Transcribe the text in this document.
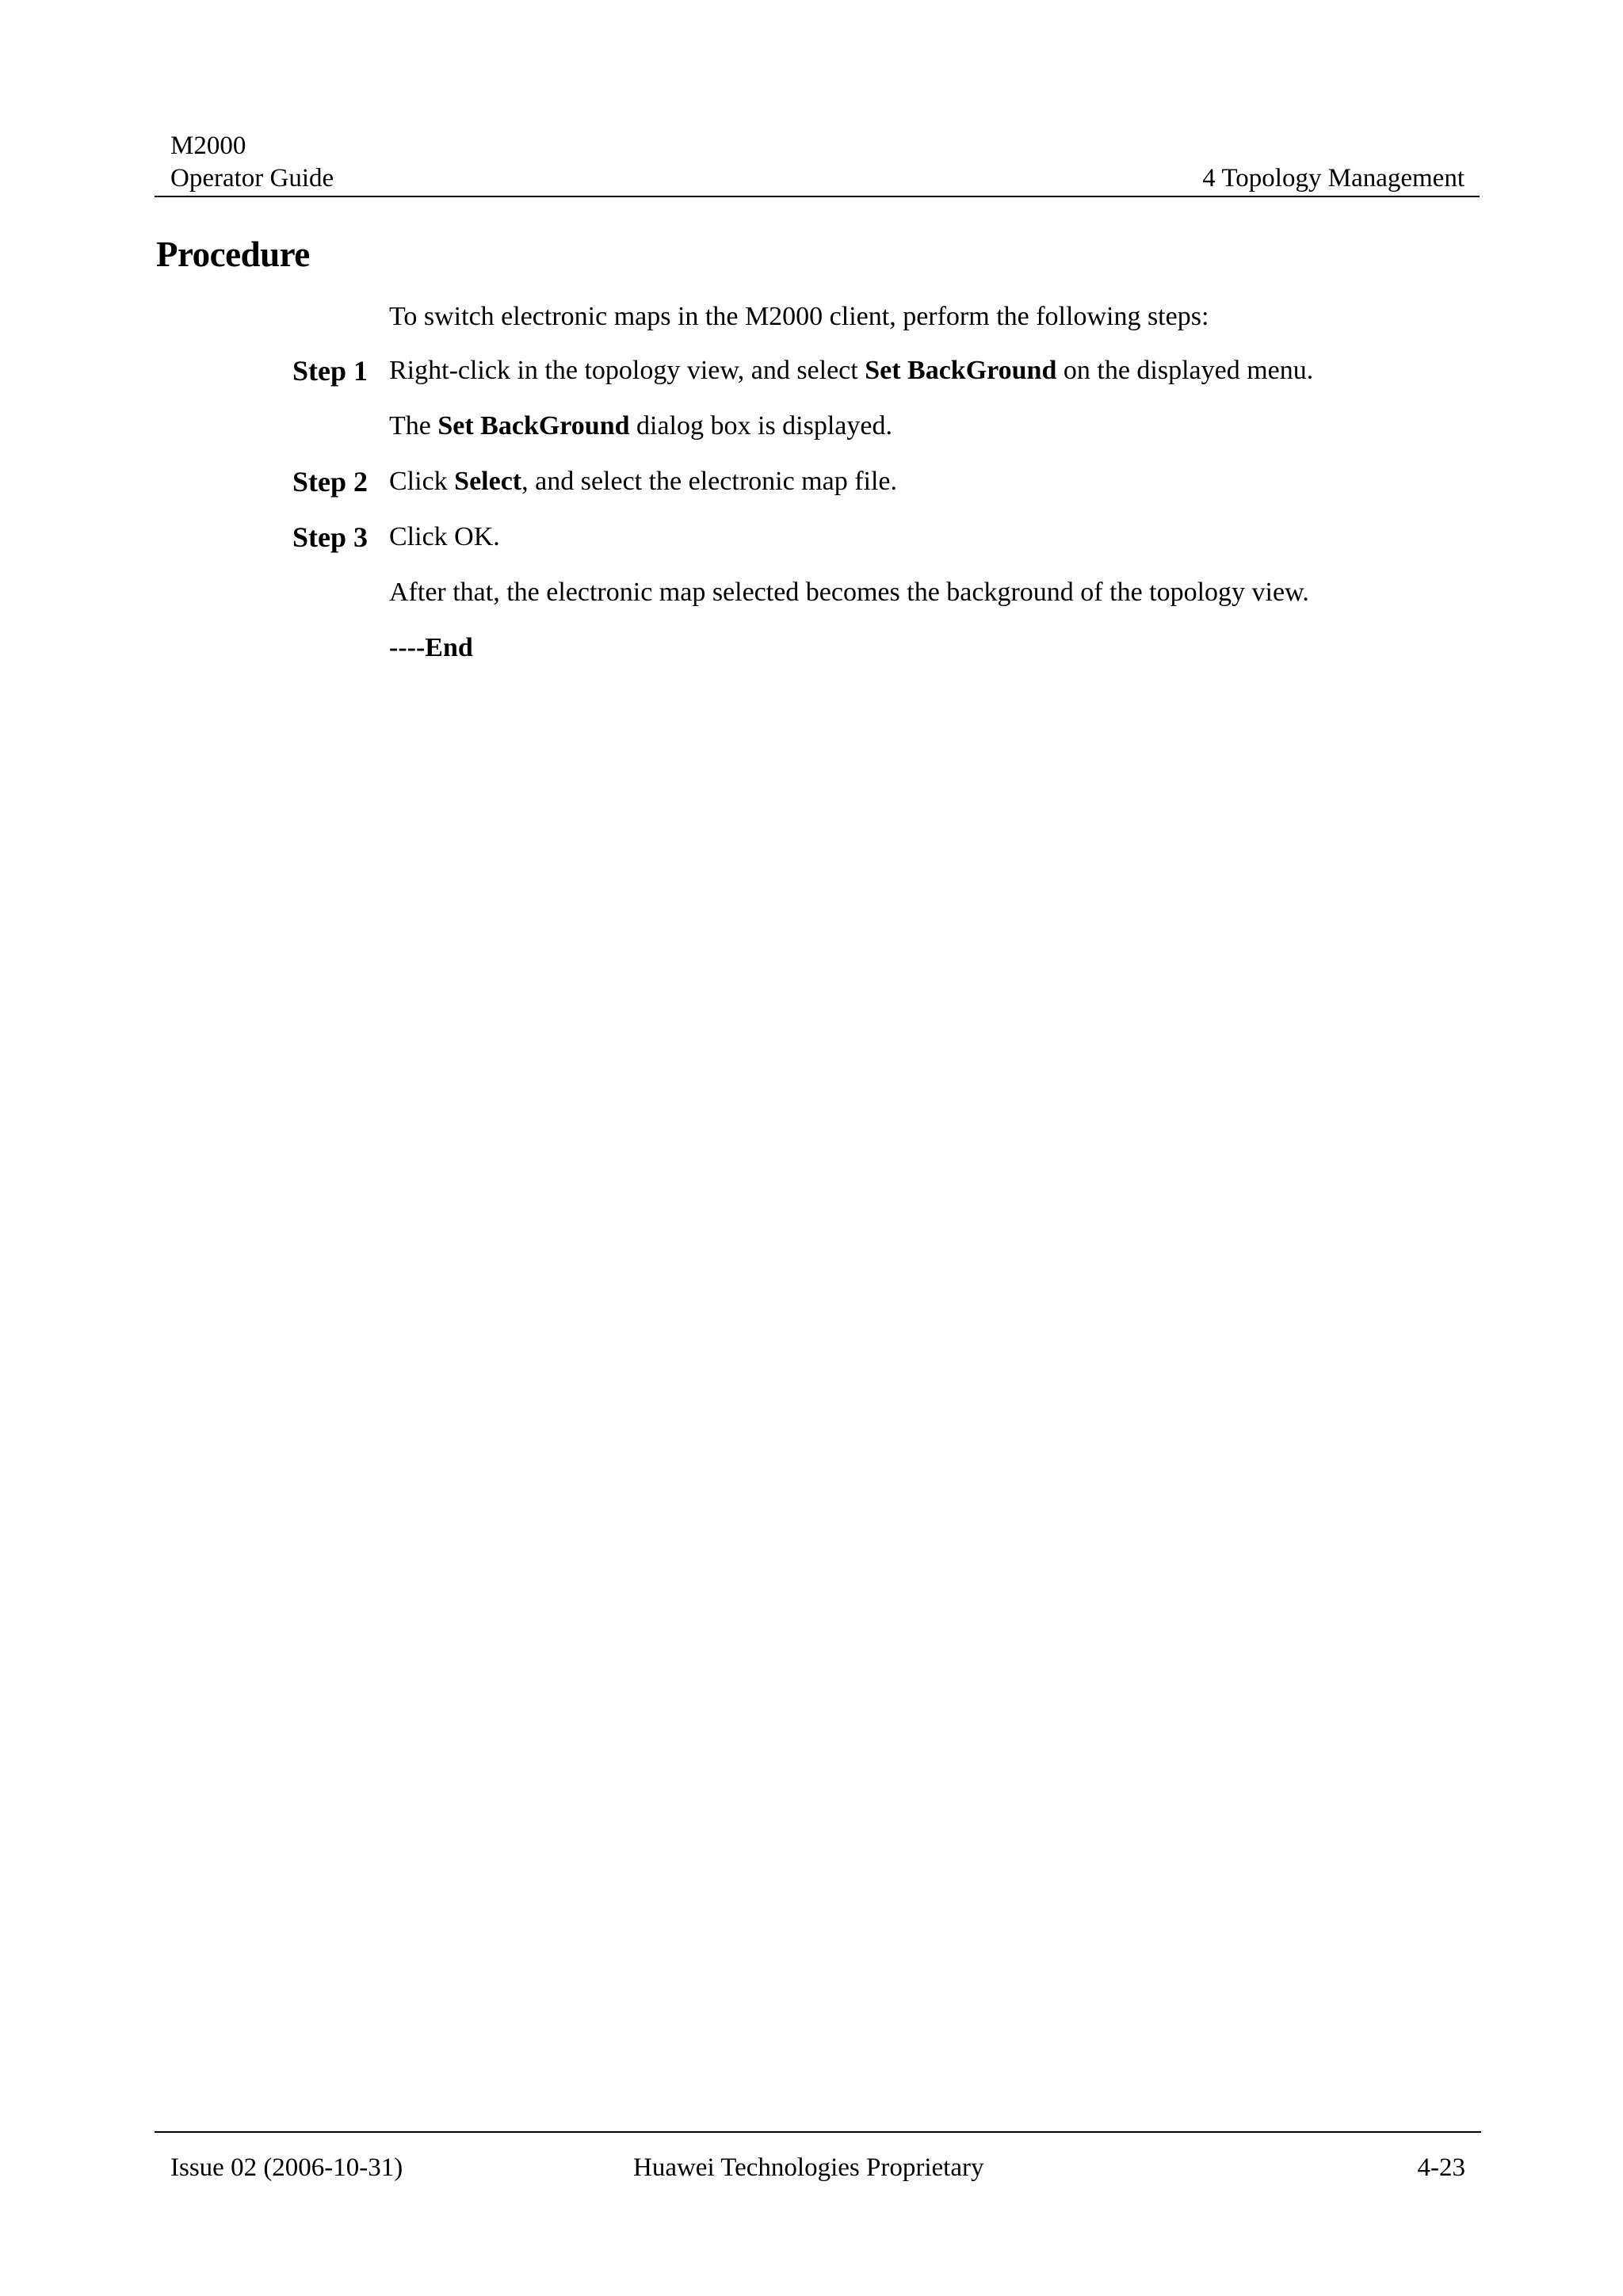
M2000
Operator Guide	4 Topology Management
Procedure
To switch electronic maps in the M2000 client, perform the following steps:
Step 1 Right-click in the topology view, and select Set BackGround on the displayed menu.
The Set BackGround dialog box is displayed.
Step 2 Click Select, and select the electronic map file.
Step 3 Click OK.
After that, the electronic map selected becomes the background of the topology view.
----End
Issue 02 (2006-10-31)	Huawei Technologies Proprietary	4-23
